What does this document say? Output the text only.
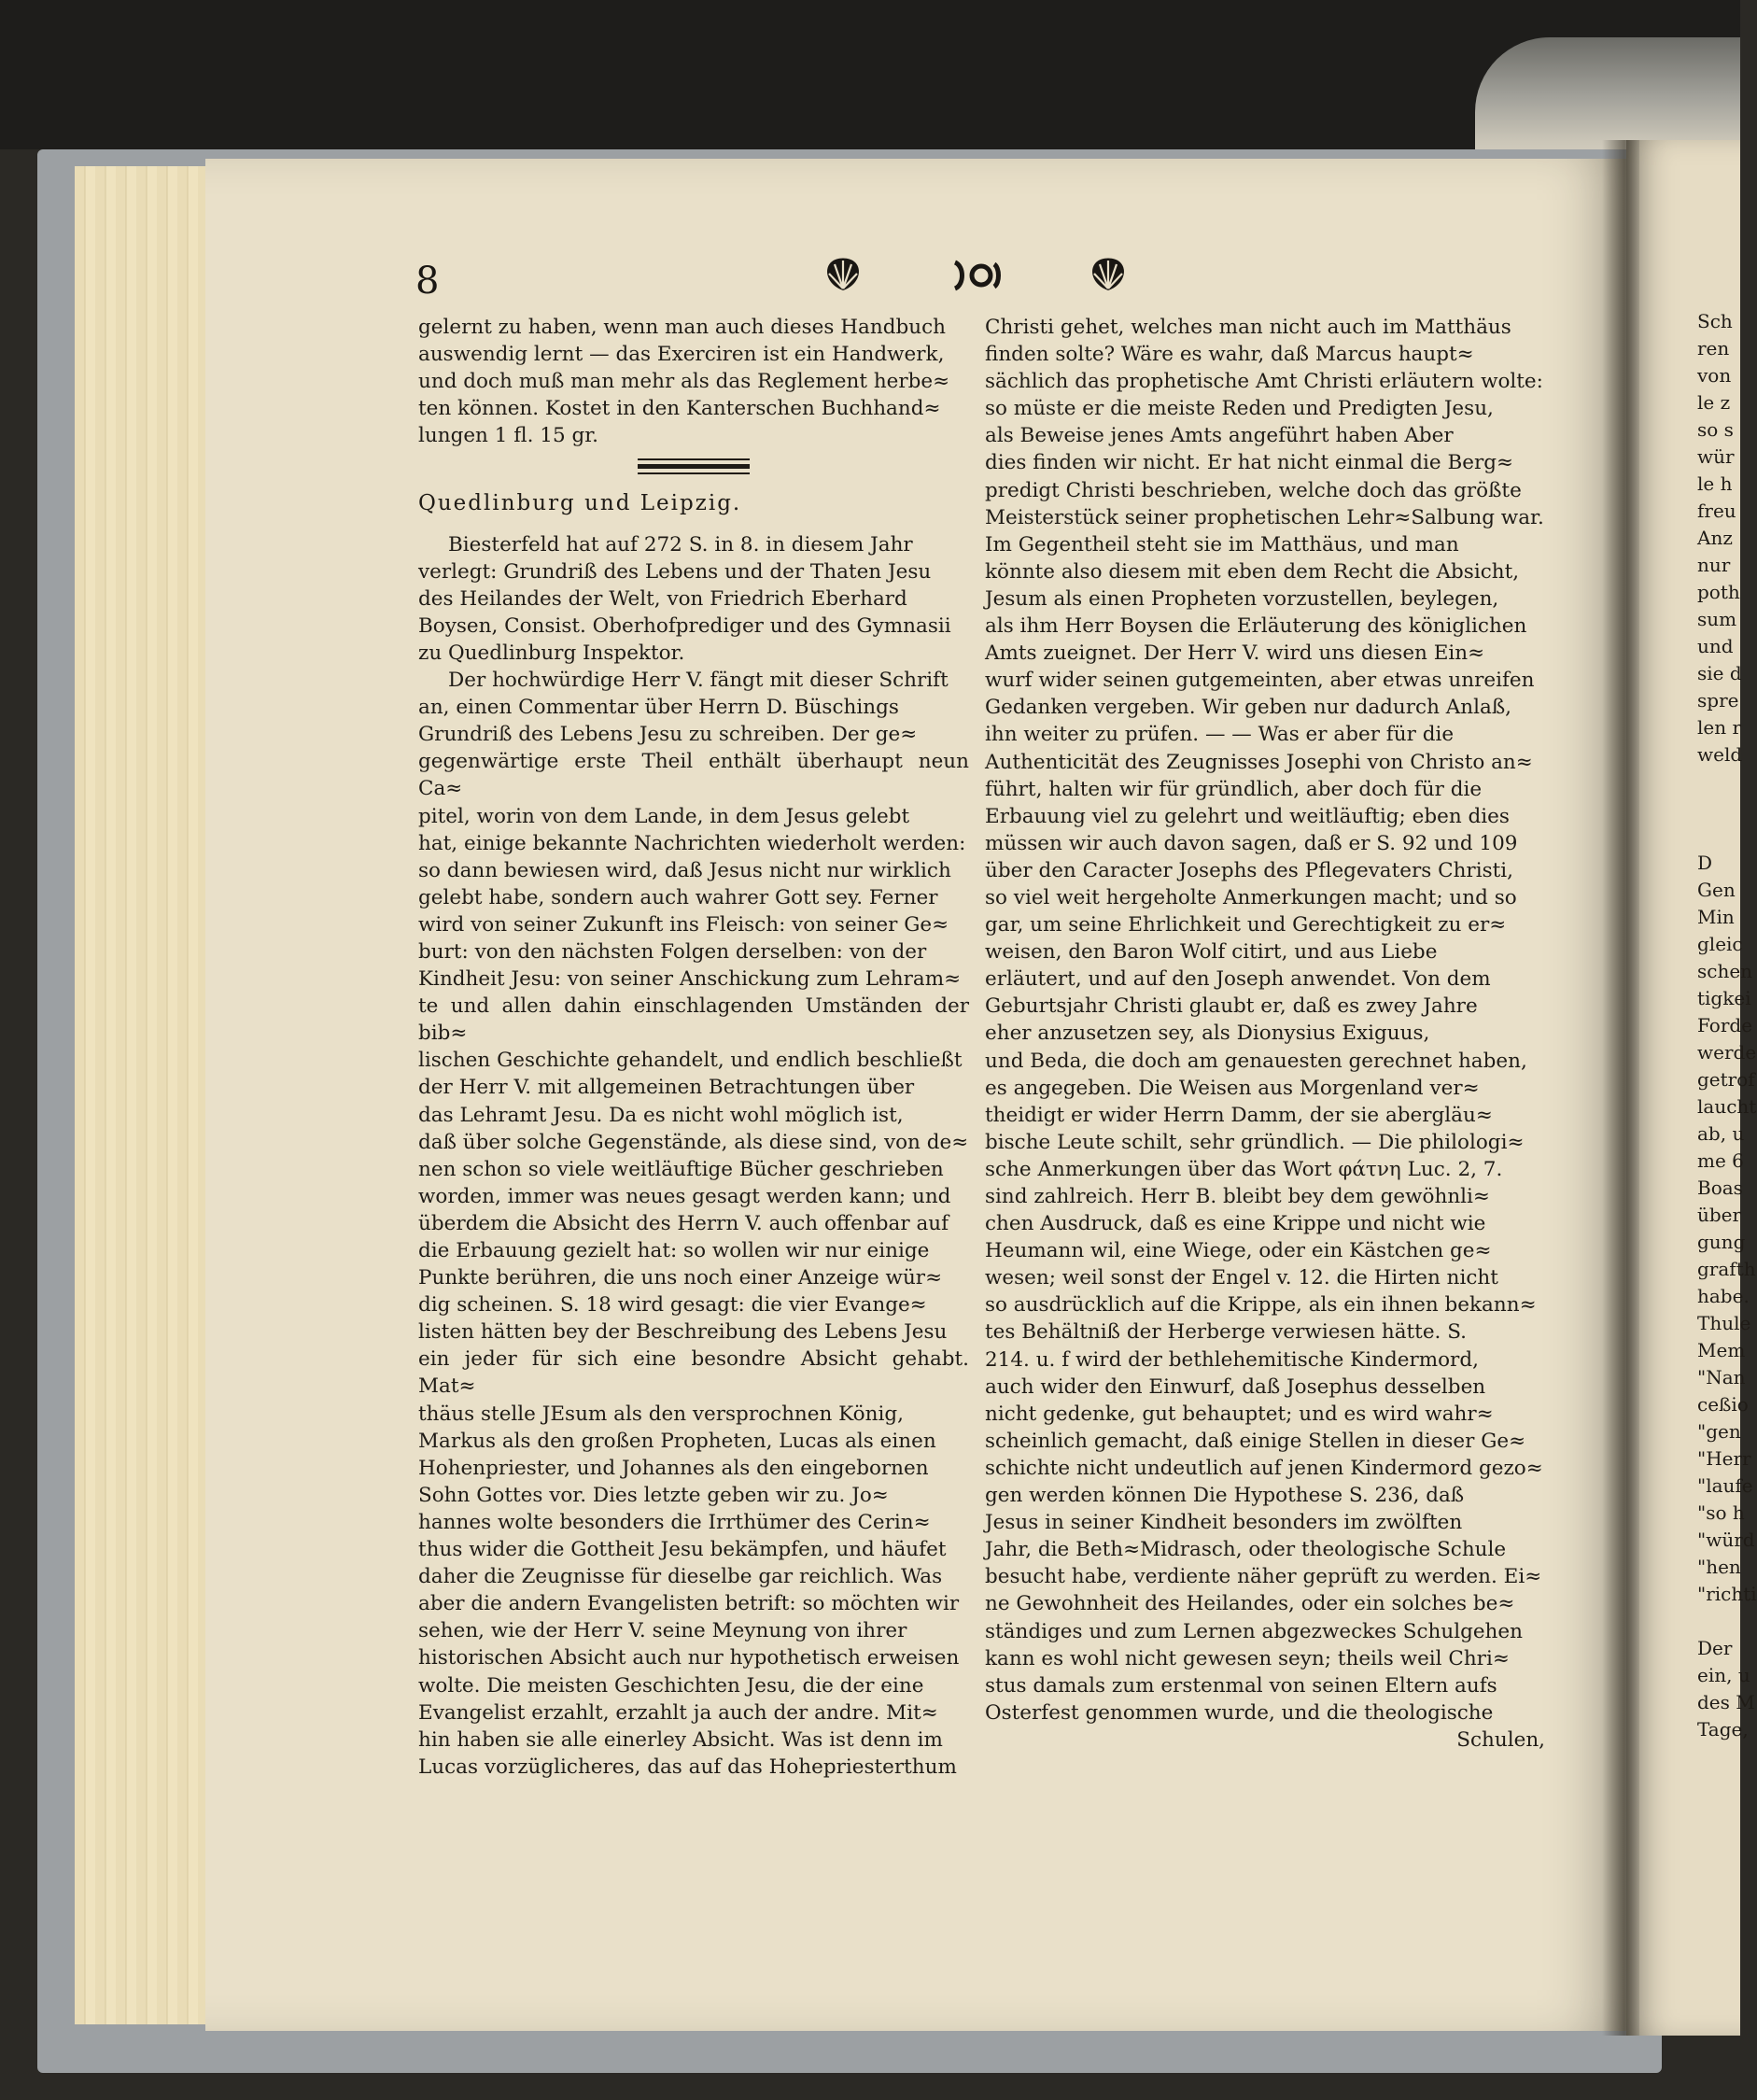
8

gelernt zu haben, wenn man auch dieses Handbuch

auswendig lernt — das Exerciren ist ein Handwerk,

und doch muß man mehr als das Reglement herbe≈

ten können. Kostet in den Kanterschen Buchhand≈

lungen 1 fl. 15 gr.

Quedlinburg und Leipzig.

Biesterfeld hat auf 272 S. in 8. in diesem Jahr

verlegt: Grundriß des Lebens und der Thaten Jesu

des Heilandes der Welt, von Friedrich Eberhard

Boysen, Consist. Oberhofprediger und des Gymnasii

zu Quedlinburg Inspektor.

Der hochwürdige Herr V. fängt mit dieser Schrift

an, einen Commentar über Herrn D. Büschings

Grundriß des Lebens Jesu zu schreiben. Der ge≈

gegenwärtige erste Theil enthält überhaupt neun Ca≈

pitel, worin von dem Lande, in dem Jesus gelebt

hat, einige bekannte Nachrichten wiederholt werden:

so dann bewiesen wird, daß Jesus nicht nur wirklich

gelebt habe, sondern auch wahrer Gott sey. Ferner

wird von seiner Zukunft ins Fleisch: von seiner Ge≈

burt: von den nächsten Folgen derselben: von der

Kindheit Jesu: von seiner Anschickung zum Lehram≈

te und allen dahin einschlagenden Umständen der bib≈

lischen Geschichte gehandelt, und endlich beschließt

der Herr V. mit allgemeinen Betrachtungen über

das Lehramt Jesu. Da es nicht wohl möglich ist,

daß über solche Gegenstände, als diese sind, von de≈

nen schon so viele weitläuftige Bücher geschrieben

worden, immer was neues gesagt werden kann; und

überdem die Absicht des Herrn V. auch offenbar auf

die Erbauung gezielt hat: so wollen wir nur einige

Punkte berühren, die uns noch einer Anzeige wür≈

dig scheinen. S. 18 wird gesagt: die vier Evange≈

listen hätten bey der Beschreibung des Lebens Jesu

ein jeder für sich eine besondre Absicht gehabt. Mat≈

thäus stelle JEsum als den versprochnen König,

Markus als den großen Propheten, Lucas als einen

Hohenpriester, und Johannes als den eingebornen

Sohn Gottes vor. Dies letzte geben wir zu. Jo≈

hannes wolte besonders die Irrthümer des Cerin≈

thus wider die Gottheit Jesu bekämpfen, und häufet

daher die Zeugnisse für dieselbe gar reichlich. Was

aber die andern Evangelisten betrift: so möchten wir

sehen, wie der Herr V. seine Meynung von ihrer

historischen Absicht auch nur hypothetisch erweisen

wolte. Die meisten Geschichten Jesu, die der eine

Evangelist erzahlt, erzahlt ja auch der andre. Mit≈

hin haben sie alle einerley Absicht. Was ist denn im

Lucas vorzüglicheres, das auf das Hohepriesterthum

Christi gehet, welches man nicht auch im Matthäus

finden solte? Wäre es wahr, daß Marcus haupt≈

sächlich das prophetische Amt Christi erläutern wolte:

so müste er die meiste Reden und Predigten Jesu,

als Beweise jenes Amts angeführt haben Aber

dies finden wir nicht. Er hat nicht einmal die Berg≈

predigt Christi beschrieben, welche doch das größte

Meisterstück seiner prophetischen Lehr≈Salbung war.

Im Gegentheil steht sie im Matthäus, und man

könnte also diesem mit eben dem Recht die Absicht,

Jesum als einen Propheten vorzustellen, beylegen,

als ihm Herr Boysen die Erläuterung des königlichen

Amts zueignet. Der Herr V. wird uns diesen Ein≈

wurf wider seinen gutgemeinten, aber etwas unreifen

Gedanken vergeben. Wir geben nur dadurch Anlaß,

ihn weiter zu prüfen. — — Was er aber für die

Authenticität des Zeugnisses Josephi von Christo an≈

führt, halten wir für gründlich, aber doch für die

Erbauung viel zu gelehrt und weitläuftig; eben dies

müssen wir auch davon sagen, daß er S. 92 und 109

über den Caracter Josephs des Pflegevaters Christi,

so viel weit hergeholte Anmerkungen macht; und so

gar, um seine Ehrlichkeit und Gerechtigkeit zu er≈

weisen, den Baron Wolf citirt, und aus Liebe

erläutert, und auf den Joseph anwendet. Von dem

Geburtsjahr Christi glaubt er, daß es zwey Jahre

eher anzusetzen sey, als Dionysius Exiguus,

und Beda, die doch am genauesten gerechnet haben,

es angegeben. Die Weisen aus Morgenland ver≈

theidigt er wider Herrn Damm, der sie abergläu≈

bische Leute schilt, sehr gründlich. — Die philologi≈

sche Anmerkungen über das Wort φάτνη Luc. 2, 7.

sind zahlreich. Herr B. bleibt bey dem gewöhnli≈

chen Ausdruck, daß es eine Krippe und nicht wie

Heumann wil, eine Wiege, oder ein Kästchen ge≈

wesen; weil sonst der Engel v. 12. die Hirten nicht

so ausdrücklich auf die Krippe, als ein ihnen bekann≈

tes Behältniß der Herberge verwiesen hätte. S.

214. u. f wird der bethlehemitische Kindermord,

auch wider den Einwurf, daß Josephus desselben

nicht gedenke, gut behauptet; und es wird wahr≈

scheinlich gemacht, daß einige Stellen in dieser Ge≈

schichte nicht undeutlich auf jenen Kindermord gezo≈

gen werden können Die Hypothese S. 236, daß

Jesus in seiner Kindheit besonders im zwölften

Jahr, die Beth≈Midrasch, oder theologische Schule

besucht habe, verdiente näher geprüft zu werden. Ei≈

ne Gewohnheit des Heilandes, oder ein solches be≈

ständiges und zum Lernen abgezweckes Schulgehen

kann es wohl nicht gewesen seyn; theils weil Chri≈

stus damals zum erstenmal von seinen Eltern aufs

Osterfest genommen wurde, und die theologische

Schulen,

Sch
ren
von
le z
so s
wür
le h
freu
Anz
nur
poth
sum
und
sie d
spre
len r
weld
D
Gen
Min
gleic
schen
tigkei
Forde
werde
getrof
laucht
ab, u
me 6
Boas
über
gung
grafth
habe.
Thule
Mem
"Nan
ceßio
"gen
"Herr
"laufe
"so h
"würd
"hen
"richti
Der
ein, u
des M
Tage,
